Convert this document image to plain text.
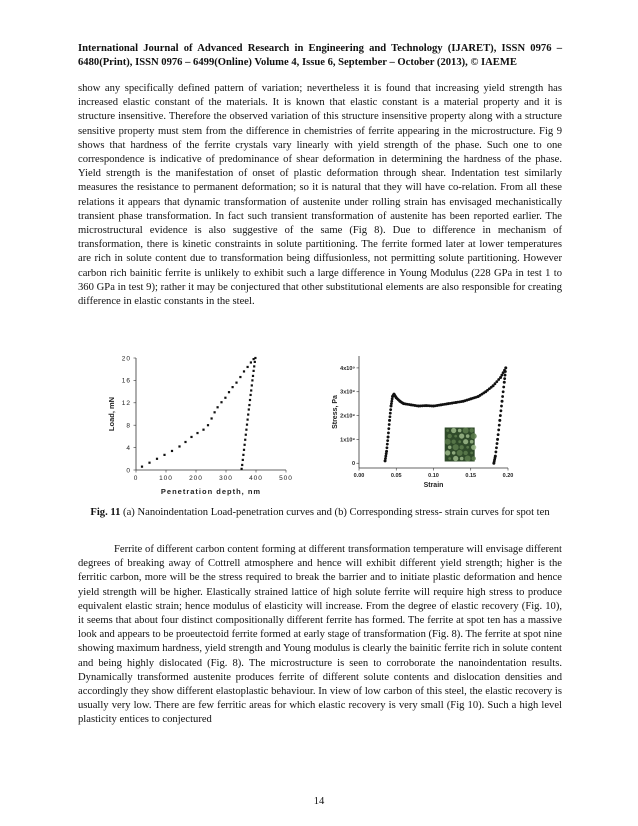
International Journal of Advanced Research in Engineering and Technology (IJARET), ISSN 0976 – 6480(Print), ISSN 0976 – 6499(Online) Volume 4, Issue 6, September – October (2013), © IAEME
show any specifically defined pattern of variation; nevertheless it is found that increasing yield strength has increased elastic constant of the materials. It is known that elastic constant is a material property and it is structure insensitive. Therefore the observed variation of this structure insensitive property along with a structure sensitive property must stem from the difference in chemistries of ferrite appearing in the microstructure. Fig 9 shows that hardness of the ferrite crystals vary linearly with yield strength of the phase. Such one to one correspondence is indicative of predominance of shear deformation in determining the hardness of the phase. Yield strength is the manifestation of onset of plastic deformation through shear. Indentation test similarly measures the resistance to permanent deformation; so it is natural that they will have co-relation. From all these relations it appears that dynamic transformation of austenite under rolling strain has envisaged mechanistically transient phase transformation. In fact such transient transformation of austenite has been reported earlier. The microstructural evidence is also suggestive of the same (Fig 8). Due to difference in mechanism of transformation, there is kinetic constraints in solute partitioning. The ferrite formed later at lower temperatures are rich in solute content due to transformation being diffusionless, not permitting solute partitioning. However carbon rich bainitic ferrite is unlikely to exhibit such a large difference in Young Modulus (228 GPa in test 1 to 360 GPa in test 9); rather it may be conjectured that other substitutional elements are also responsible for creating difference in elastic constants in the steel.
0	100 200 300 400 500
0
4
8
12
16
20
Penetration depth, nm
Load, mN
0.00	0.05	0.10	0.15	0.20
0
1x10⁹
2x10⁹
3x10⁹
4x10⁹
Strain
Stress, Pa
Fig. 11 (a) Nanoindentation Load-penetration curves and (b) Corresponding stress- strain curves for spot ten
Ferrite of different carbon content forming at different transformation temperature will envisage different degrees of breaking away of Cottrell atmosphere and hence will exhibit different yield strength; higher is the ferritic carbon, more will be the stress required to break the barrier and to initiate plastic deformation and hence yield strength will be higher. Elastically strained lattice of high solute ferrite will require high stress to produce equivalent elastic strain; hence modulus of elasticity will increase. From the degree of elastic recovery (Fig. 10), it seems that about four distinct compositionally different ferrite has formed. The ferrite at spot ten has a massive look and appears to be proeutectoid ferrite formed at early stage of transformation (Fig. 8). The ferrite at spot nine showing maximum hardness, yield strength and Young modulus is clearly the bainitic ferrite rich in solute content and being highly dislocated (Fig. 8). The microstructure is seen to corroborate the nanoindentation results. Dynamically transformed austenite produces ferrite of different solute contents and dislocation densities and accordingly they show different elastoplastic behaviour. In view of low carbon of this steel, the elastic recovery is usually very low. There are few ferritic areas for which elastic recovery is very small (Fig 10). Such a high level plasticity entices to conjectured
14
